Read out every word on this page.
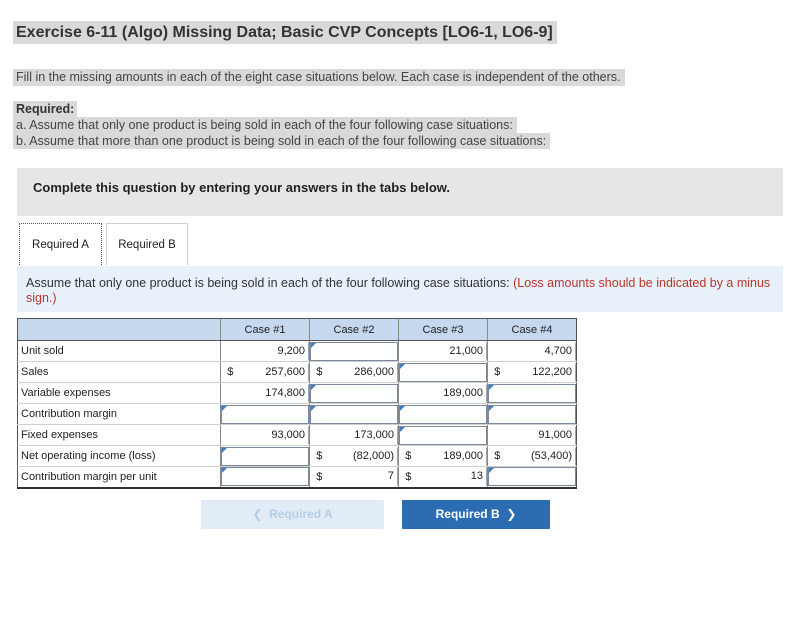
Exercise 6-11 (Algo) Missing Data; Basic CVP Concepts [LO6-1, LO6-9]
Fill in the missing amounts in each of the eight case situations below. Each case is independent of the others.
Required:
a. Assume that only one product is being sold in each of the four following case situations:
b. Assume that more than one product is being sold in each of the four following case situations:
Complete this question by entering your answers in the tabs below.
Required A	Required B
Assume that only one product is being sold in each of the four following case situations: (Loss amounts should be indicated by a minus sign.)
	Case #1		Case #2		Case #3		Case #4	
Unit sold		9,200				21,000		4,700

Sales	$	257,600	$	286,000			$	122,200

Variable expenses		174,800				189,000		

Contribution margin					

Fixed expenses		93,000		173,000				91,000

Net operating income (loss)			$	(82,000)	$	189,000	$	(53,400)

Contribution margin per unit			$	7	$	13		

❮ Required A	Required B ❯
